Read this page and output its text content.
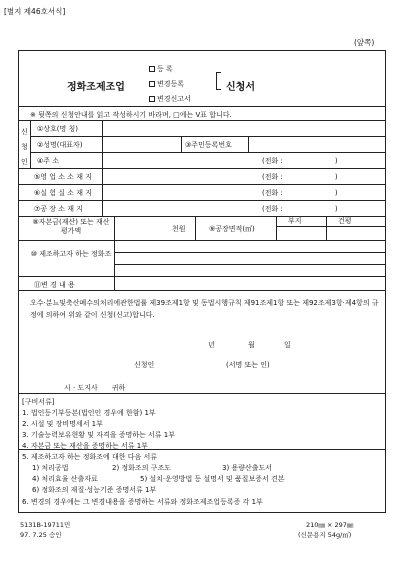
[별지 제46호서식]
(앞쪽)
정화조제조업
등 록
변경등록
변경신고서
신청서
※ 뒷쪽의 신청안내를 읽고 작성하시기 바라며, □에는 V표 합니다.
신
청
인
①상호(명 칭)
②성명(대표자)	③주민등록번호
④주 소	(전화 :	)
⑤영 업 소 소 재 지	(전화 :	)
⑥실 험 실 소 재 지	(전화 :	)
⑦공 장 소 재 지	(전화 :	)
⑧자본금(재산) 또는 재산평가액	천원	⑨공장면적(㎡)
부지	건평
⑩ 제조하고자 하는 정화조
⑪변 경 내 용
오수·분뇨및축산폐수의처리에관한법률 제39조제1항 및 동법시행규칙 제91조제1항 또는 제92조제3항·제4항의 규정에 의하여 위와 같이 신청(신고)합니다.
년	월	일
신청인	(서명 또는 인)
시 · 도지사 귀하
[구비서류]
1. 법인등기부등본(법인인 경우에 한함) 1부
2. 시설 및 장비명세서 1부
3. 기술능력보유현황 및 자격을 증명하는 서류 1부
4. 자본금 또는 재산을 증명하는 서류 1부
5. 제조하고자 하는 정화조에 대한 다음 서류
1) 처리공법	2) 정화조의 구조도	3) 용량산출도서
4) 처리효율 산출자료	5) 설치·운영방법 등 설명서 및 품질보증서 견본
6) 정화조의 재질·성능기준 증명서류 1부
6. 변경의 경우에는 그 변경내용을 증명하는 서류와 정화조제조업등록증 각 1부
5131B-19711민
97. 7.25 승인
210㎜ × 297㎜
(신문용지 54g/㎡)
